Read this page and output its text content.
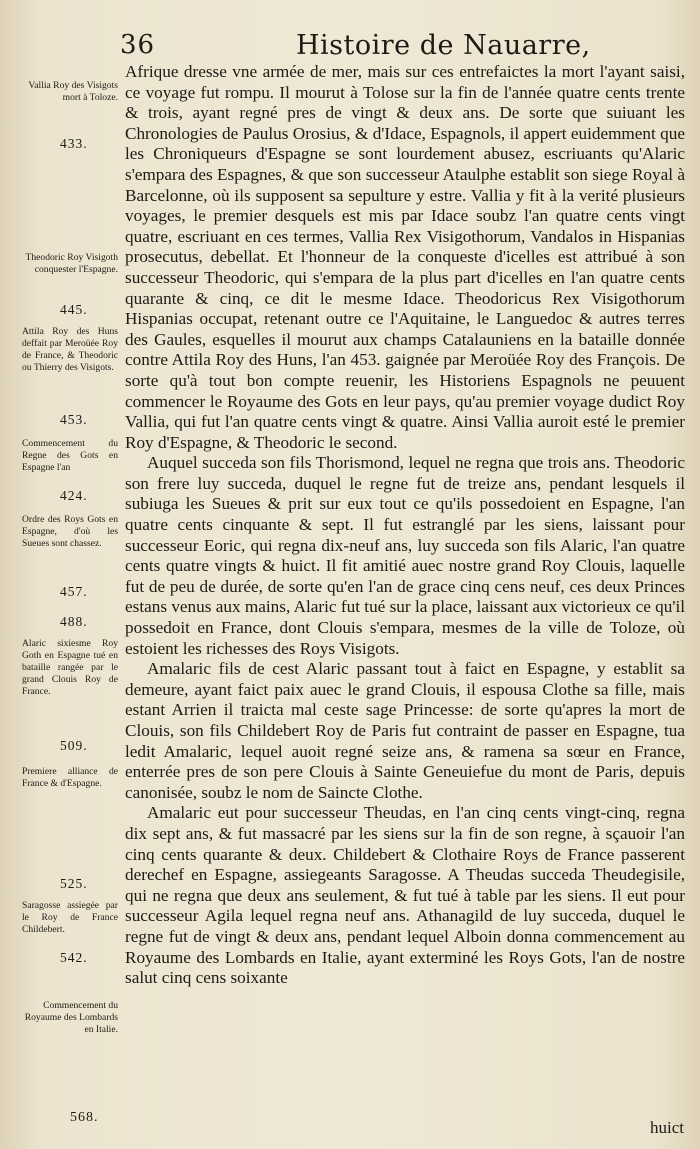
36	Histoire de Nauarre,
Vallia Roy des Visigots mort à Toloze.
433.
Theodoric Roy Visigoth conquester l'Espagne.
445.
Attila Roy des Huns deffait par Meroüée Roy de France, & Theodoric ou Thierry des Visigots.
453.
Commencement du Regne des Gots en Espagne l'an
424.
Ordre des Roys Gots en Espagne, d'où les Sueues sont chassez.
457.
488.
Alaric sixiesme Roy Goth en Espagne tué en bataille rangée par le grand Clouis Roy de France.
509.
Premiere alliance de France & d'Espagne.
525.
Saragosse assiegée par le Roy de France Childebert.
542.
Commencement du Royaume des Lombards en Italie.

Afrique dresse vne armée de mer, mais sur ces entrefaictes la mort l'ayant saisi, ce voyage fut rompu. Il mourut à Tolose sur la fin de l'année quatre cents trente & trois, ayant regné pres de vingt & deux ans. De sorte que suiuant les Chronologies de Paulus Orosius, & d'Idace, Espagnols, il appert euidemment que les Chroniqueurs d'Espagne se sont lourdement abusez, escriuants qu'Alaric s'empara des Espagnes, & que son successeur Ataulphe establit son siege Royal à Barcelonne, où ils supposent sa sepulture y estre. Vallia y fit à la verité plusieurs voyages, le premier desquels est mis par Idace soubz l'an quatre cents vingt quatre, escriuant en ces termes, Vallia Rex Visigothorum, Vandalos in Hispanias prosecutus, debellat. Et l'honneur de la conqueste d'icelles est attribué à son successeur Theodoric, qui s'empara de la plus part d'icelles en l'an quatre cents quarante & cinq, ce dit le mesme Idace. Theodoricus Rex Visigothorum Hispanias occupat, retenant outre ce l'Aquitaine, le Languedoc & autres terres des Gaules, esquelles il mourut aux champs Catalauniens en la bataille donnée contre Attila Roy des Huns, l'an 453. gaignée par Meroüée Roy des François. De sorte qu'à tout bon compte reuenir, les Historiens Espagnols ne peuuent commencer le Royaume des Gots en leur pays, qu'au premier voyage dudict Roy Vallia, qui fut l'an quatre cents vingt & quatre. Ainsi Vallia auroit esté le premier Roy d'Espagne, & Theodoric le second.

Auquel succeda son fils Thorismond, lequel ne regna que trois ans. Theodoric son frere luy succeda, duquel le regne fut de treize ans, pendant lesquels il subiuga les Sueues & prit sur eux tout ce qu'ils possedoient en Espagne, l'an quatre cents cinquante & sept. Il fut estranglé par les siens, laissant pour successeur Eoric, qui regna dix-neuf ans, luy succeda son fils Alaric, l'an quatre cents quatre vingts & huict. Il fit amitié auec nostre grand Roy Clouis, laquelle fut de peu de durée, de sorte qu'en l'an de grace cinq cens neuf, ces deux Princes estans venus aux mains, Alaric fut tué sur la place, laissant aux victorieux ce qu'il possedoit en France, dont Clouis s'empara, mesmes de la ville de Toloze, où estoient les richesses des Roys Visigots.

Amalaric fils de cest Alaric passant tout à faict en Espagne, y establit sa demeure, ayant faict paix auec le grand Clouis, il espousa Clothe sa fille, mais estant Arrien il traicta mal ceste sage Princesse: de sorte qu'apres la mort de Clouis, son fils Childebert Roy de Paris fut contraint de passer en Espagne, tua ledit Amalaric, lequel auoit regné seize ans, & ramena sa sœur en France, enterrée pres de son pere Clouis à Sainte Geneuiefue du mont de Paris, depuis canonisée, soubz le nom de Saincte Clothe.

Amalaric eut pour successeur Theudas, en l'an cinq cents vingt-cinq, regna dix sept ans, & fut massacré par les siens sur la fin de son regne, à sçauoir l'an cinq cents quarante & deux. Childebert & Clothaire Roys de France passerent derechef en Espagne, assiegeants Saragosse. A Theudas succeda Theudegisile, qui ne regna que deux ans seulement, & fut tué à table par les siens. Il eut pour successeur Agila lequel regna neuf ans. Athanagild de luy succeda, duquel le regne fut de vingt & deux ans, pendant lequel Alboin donna commencement au Royaume des Lombards en Italie, ayant exterminé les Roys Gots, l'an de nostre salut cinq cens soixante

568.
huict
